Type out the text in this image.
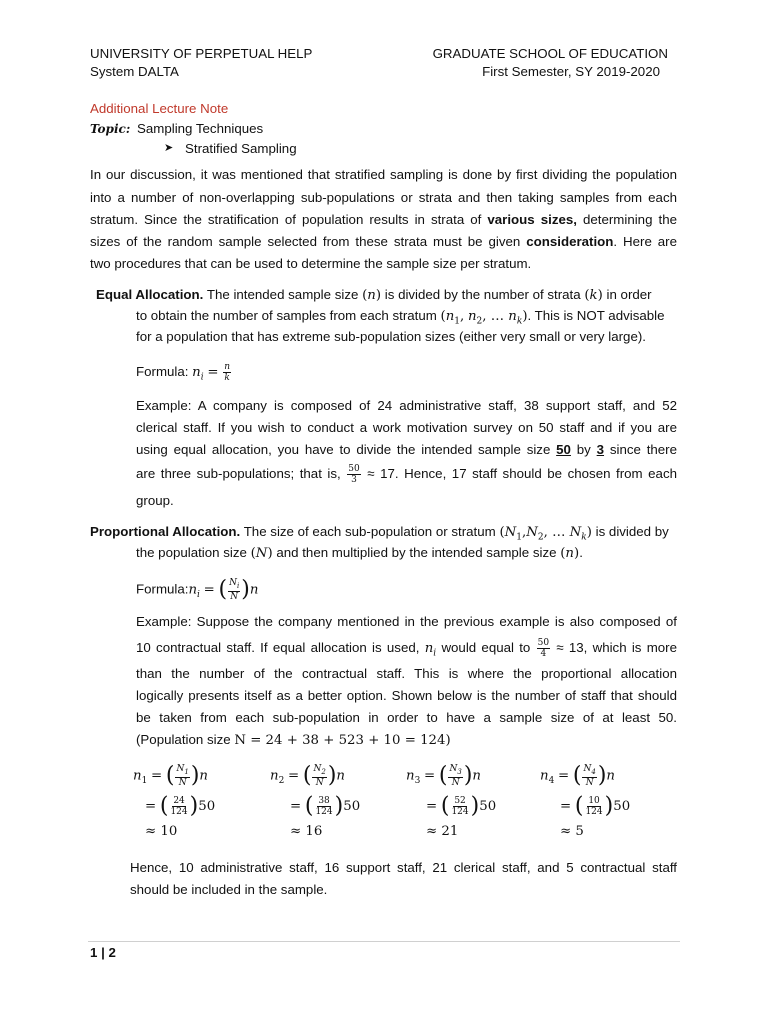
UNIVERSITY OF PERPETUAL HELP
System DALTA
GRADUATE SCHOOL OF EDUCATION
First Semester, SY 2019-2020
Additional Lecture Note
Topic: Sampling Techniques
➤ Stratified Sampling
In our discussion, it was mentioned that stratified sampling is done by first dividing the population
into a number of non-overlapping sub-populations or strata and then taking samples from each
stratum. Since the stratification of population results in strata of various sizes, determining the
sizes of the random sample selected from these strata must be given consideration. Here are
two procedures that can be used to determine the sample size per stratum.
Equal Allocation. The intended sample size (n) is divided by the number of strata (k) in order
to obtain the number of samples from each stratum ($n_1$, $n_2$, … $n_k$). This is NOT advisable
for a population that has extreme sub-population sizes (either very small or very large).
Formula: $n_i = \frac{n}{k}$
Example: A company is composed of 24 administrative staff, 38 support staff, and 52
clerical staff. If you wish to conduct a work motivation survey on 50 staff and if you are
using equal allocation, you have to divide the intended sample size 50 by 3 since there
are three sub-populations; that is, $\frac{50}{3} \approx 17$. Hence, 17 staff should be chosen from each
group.
Proportional Allocation. The size of each sub-population or stratum ($N_1,N_2$, … $N_k$) is divided by
the population size (N) and then multiplied by the intended sample size (n).
$Formula:n_i$ = ( $\frac{N_i}{N} )n$
Example: Suppose the company mentioned in the previous example is also composed of
10 contractual staff. If equal allocation is used, $n_i$ would equal to $\frac{50}{4} \approx 13$, which is more
than the number of the contractual staff. This is where the proportional allocation
logically presents itself as a better option. Shown below is the number of staff that should
be taken from each sub-population in order to have a sample size of at least 50.
(Population size N = 24 + 38 + 523 + 10 = 124)
$n_1$ = ( $\frac{N_1}{N} )n$
= ( $\frac{24}{124} )50$
≈ 10
$n_2$ = ( $\frac{N_2}{N} )n$
= ( $\frac{38}{124} )50$
≈ 16
$n_3$ = ( $\frac{N_3}{N} )n$
= ( $\frac{52}{124} )50$
≈ 21
$n_4$ = ( $\frac{N_4}{N} )n$
= ( $\frac{10}{124} )50$
≈ 5
Hence, 10 administrative staff, 16 support staff, 21 clerical staff, and 5 contractual staff
should be included in the sample.
1 | 2
